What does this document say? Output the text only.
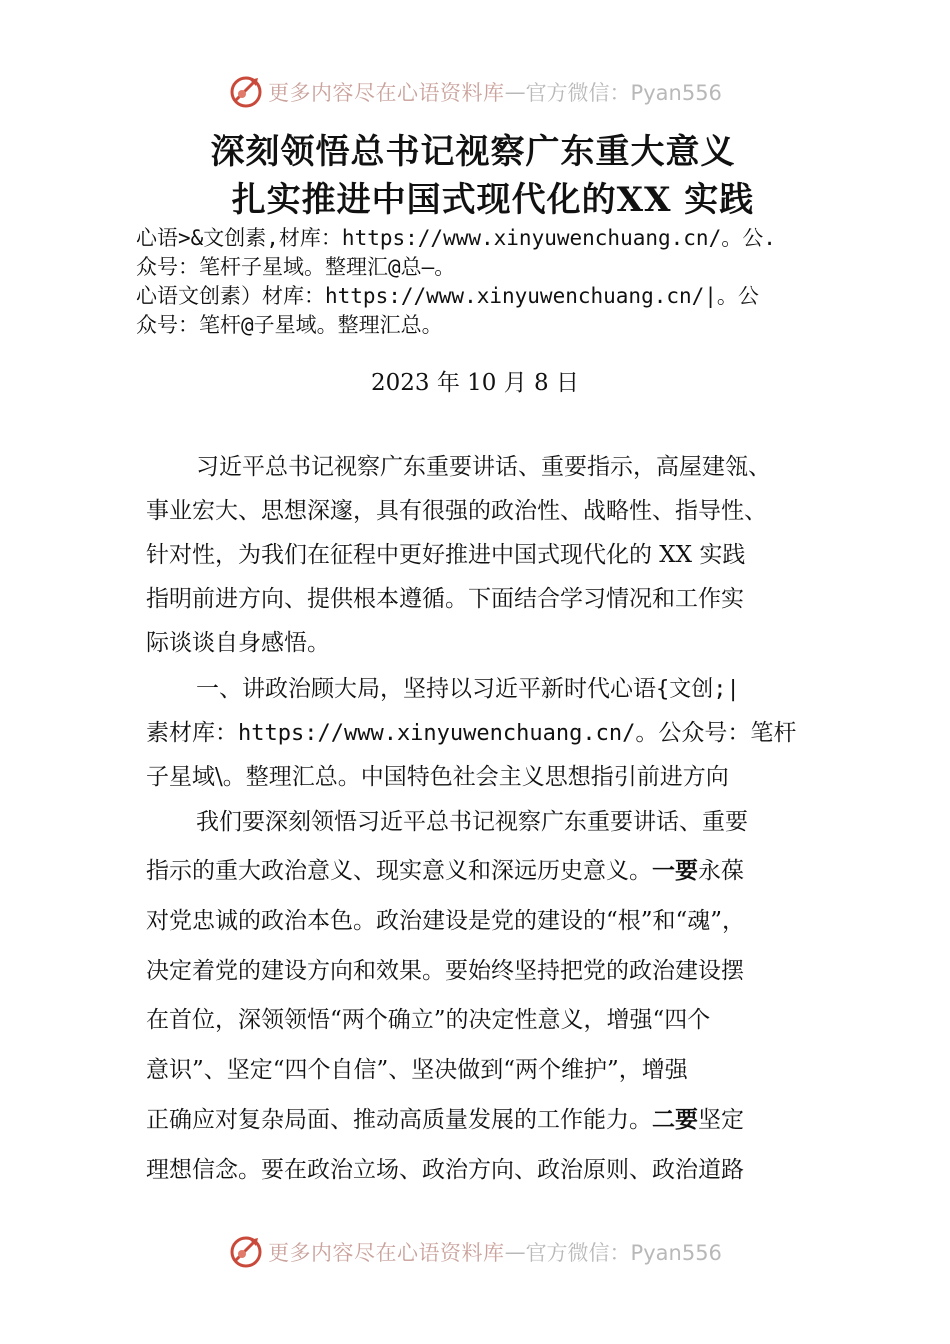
更多内容尽在心语资料库 — 官方微信：Pyan556
深刻领悟总书记视察广东重大意义
扎实推进中国式现代化的XX 实践
心语>&文创素,材库：https://www.xinyuwenchuang.cn/。公.
众号：笔杆子星域。整理汇@总—。
心语文创素）材库：https://www.xinyuwenchuang.cn/|。公
众号：笔杆@子星域。整理汇总。
2023 年 10 月 8 日
习近平总书记视察广东重要讲话、重要指示，高屋建瓴、
事业宏大、思想深邃，具有很强的政治性、战略性、指导性、
针对性，为我们在征程中更好推进中国式现代化的 XX 实践
指明前进方向、提供根本遵循。下面结合学习情况和工作实
际谈谈自身感悟。
一、讲政治顾大局，坚持以习近平新时代心语{文创;|
素材库：https://www.xinyuwenchuang.cn/。公众号：笔杆
子星域\。整理汇总。中国特色社会主义思想指引前进方向
我们要深刻领悟习近平总书记视察广东重要讲话、重要
指示的重大政治意义、现实意义和深远历史意义。一要永葆
对党忠诚的政治本色。政治建设是党的建设的“根”和“魂”，
决定着党的建设方向和效果。要始终坚持把党的政治建设摆
在首位，深领领悟“两个确立”的决定性意义，增强“四个
意识”、坚定“四个自信”、坚决做到“两个维护”，增强
正确应对复杂局面、推动高质量发展的工作能力。二要坚定
理想信念。要在政治立场、政治方向、政治原则、政治道路
更多内容尽在心语资料库 — 官方微信：Pyan556
